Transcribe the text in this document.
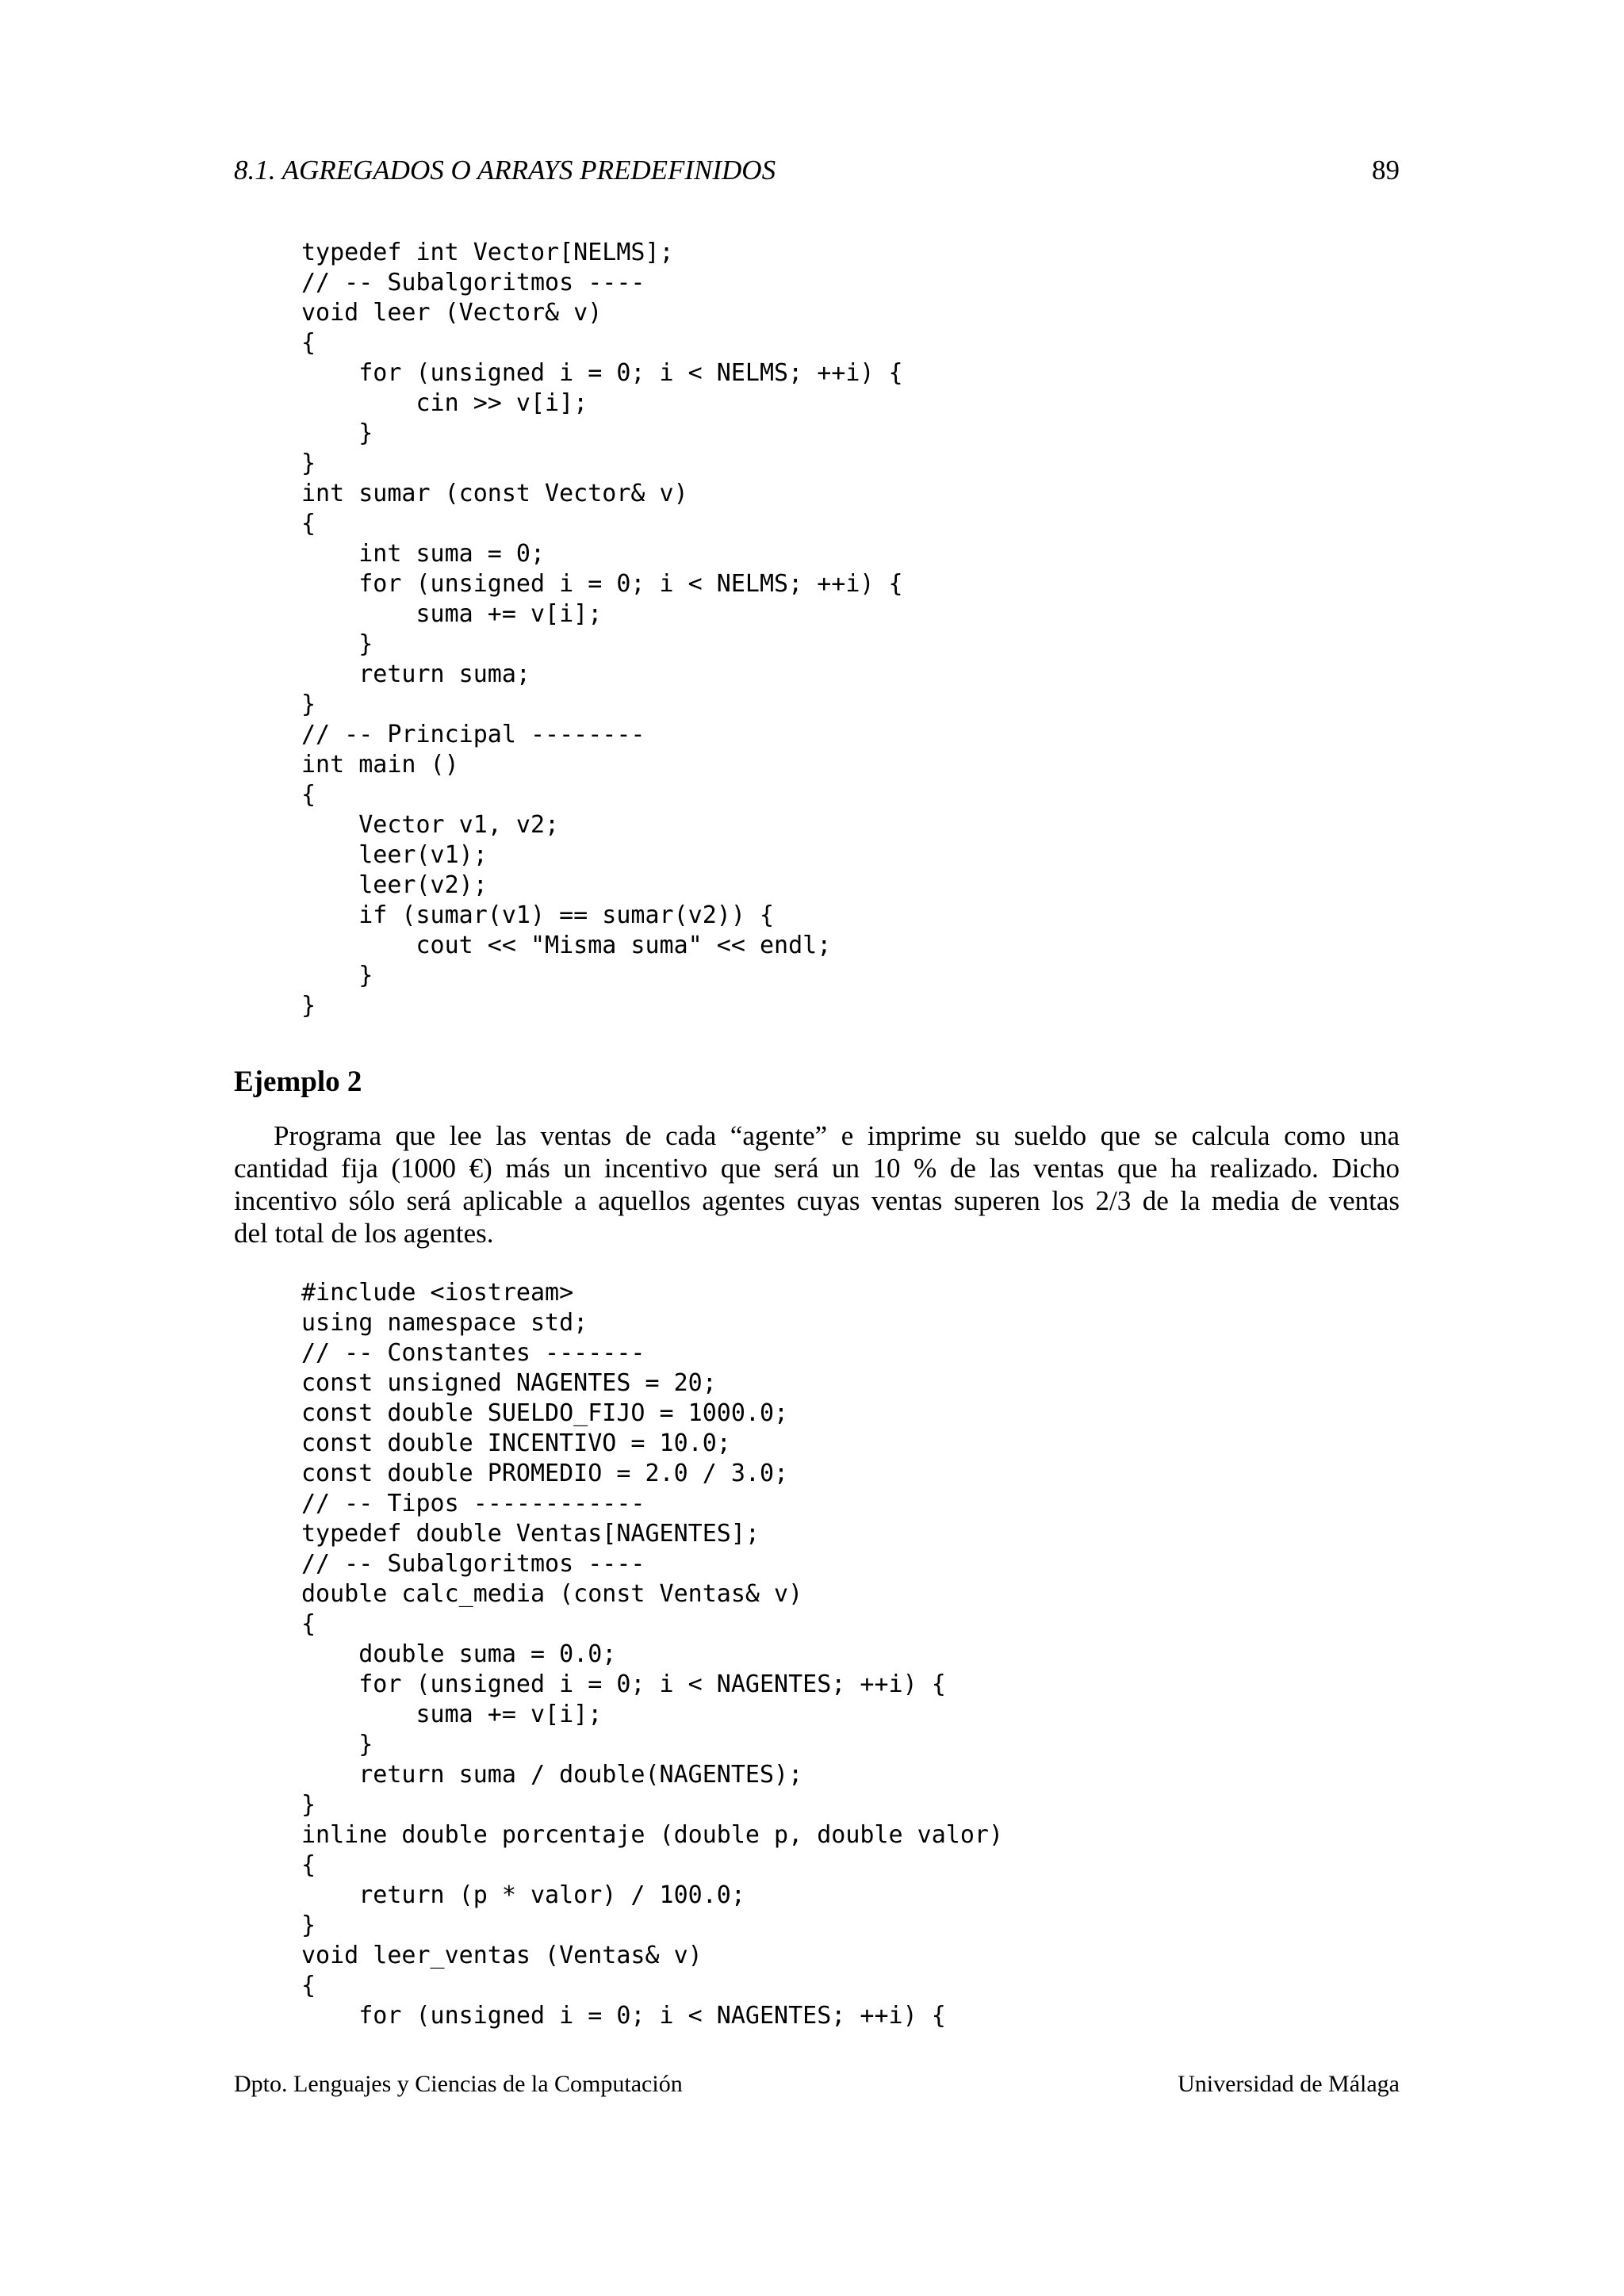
8.1. AGREGADOS O ARRAYS PREDEFINIDOS	89
typedef int Vector[NELMS];
// -- Subalgoritmos ----
void leer (Vector& v)
{
for (unsigned i = 0; i < NELMS; ++i) {
cin >> v[i];
}
}
int sumar (const Vector& v)
{
int suma = 0;
for (unsigned i = 0; i < NELMS; ++i) {
suma += v[i];
}
return suma;
}
// -- Principal --------
int main ()
{
Vector v1, v2;
leer(v1);
leer(v2);
if (sumar(v1) == sumar(v2)) {
cout << "Misma suma" << endl;
}
}
Ejemplo 2
Programa que lee las ventas de cada “agente” e imprime su sueldo que se calcula como una
cantidad fija (1000 €) más un incentivo que será un 10 % de las ventas que ha realizado. Dicho
incentivo sólo será aplicable a aquellos agentes cuyas ventas superen los 2/3 de la media de ventas
del total de los agentes.
#include <iostream>
using namespace std;
// -- Constantes -------
const unsigned NAGENTES = 20;
const double SUELDO_FIJO = 1000.0;
const double INCENTIVO = 10.0;
const double PROMEDIO = 2.0 / 3.0;
// -- Tipos ------------
typedef double Ventas[NAGENTES];
// -- Subalgoritmos ----
double calc_media (const Ventas& v)
{
double suma = 0.0;
for (unsigned i = 0; i < NAGENTES; ++i) {
suma += v[i];
}
return suma / double(NAGENTES);
}
inline double porcentaje (double p, double valor)
{
return (p * valor) / 100.0;
}
void leer_ventas (Ventas& v)
{
for (unsigned i = 0; i < NAGENTES; ++i) {
Dpto. Lenguajes y Ciencias de la Computación	Universidad de Málaga
